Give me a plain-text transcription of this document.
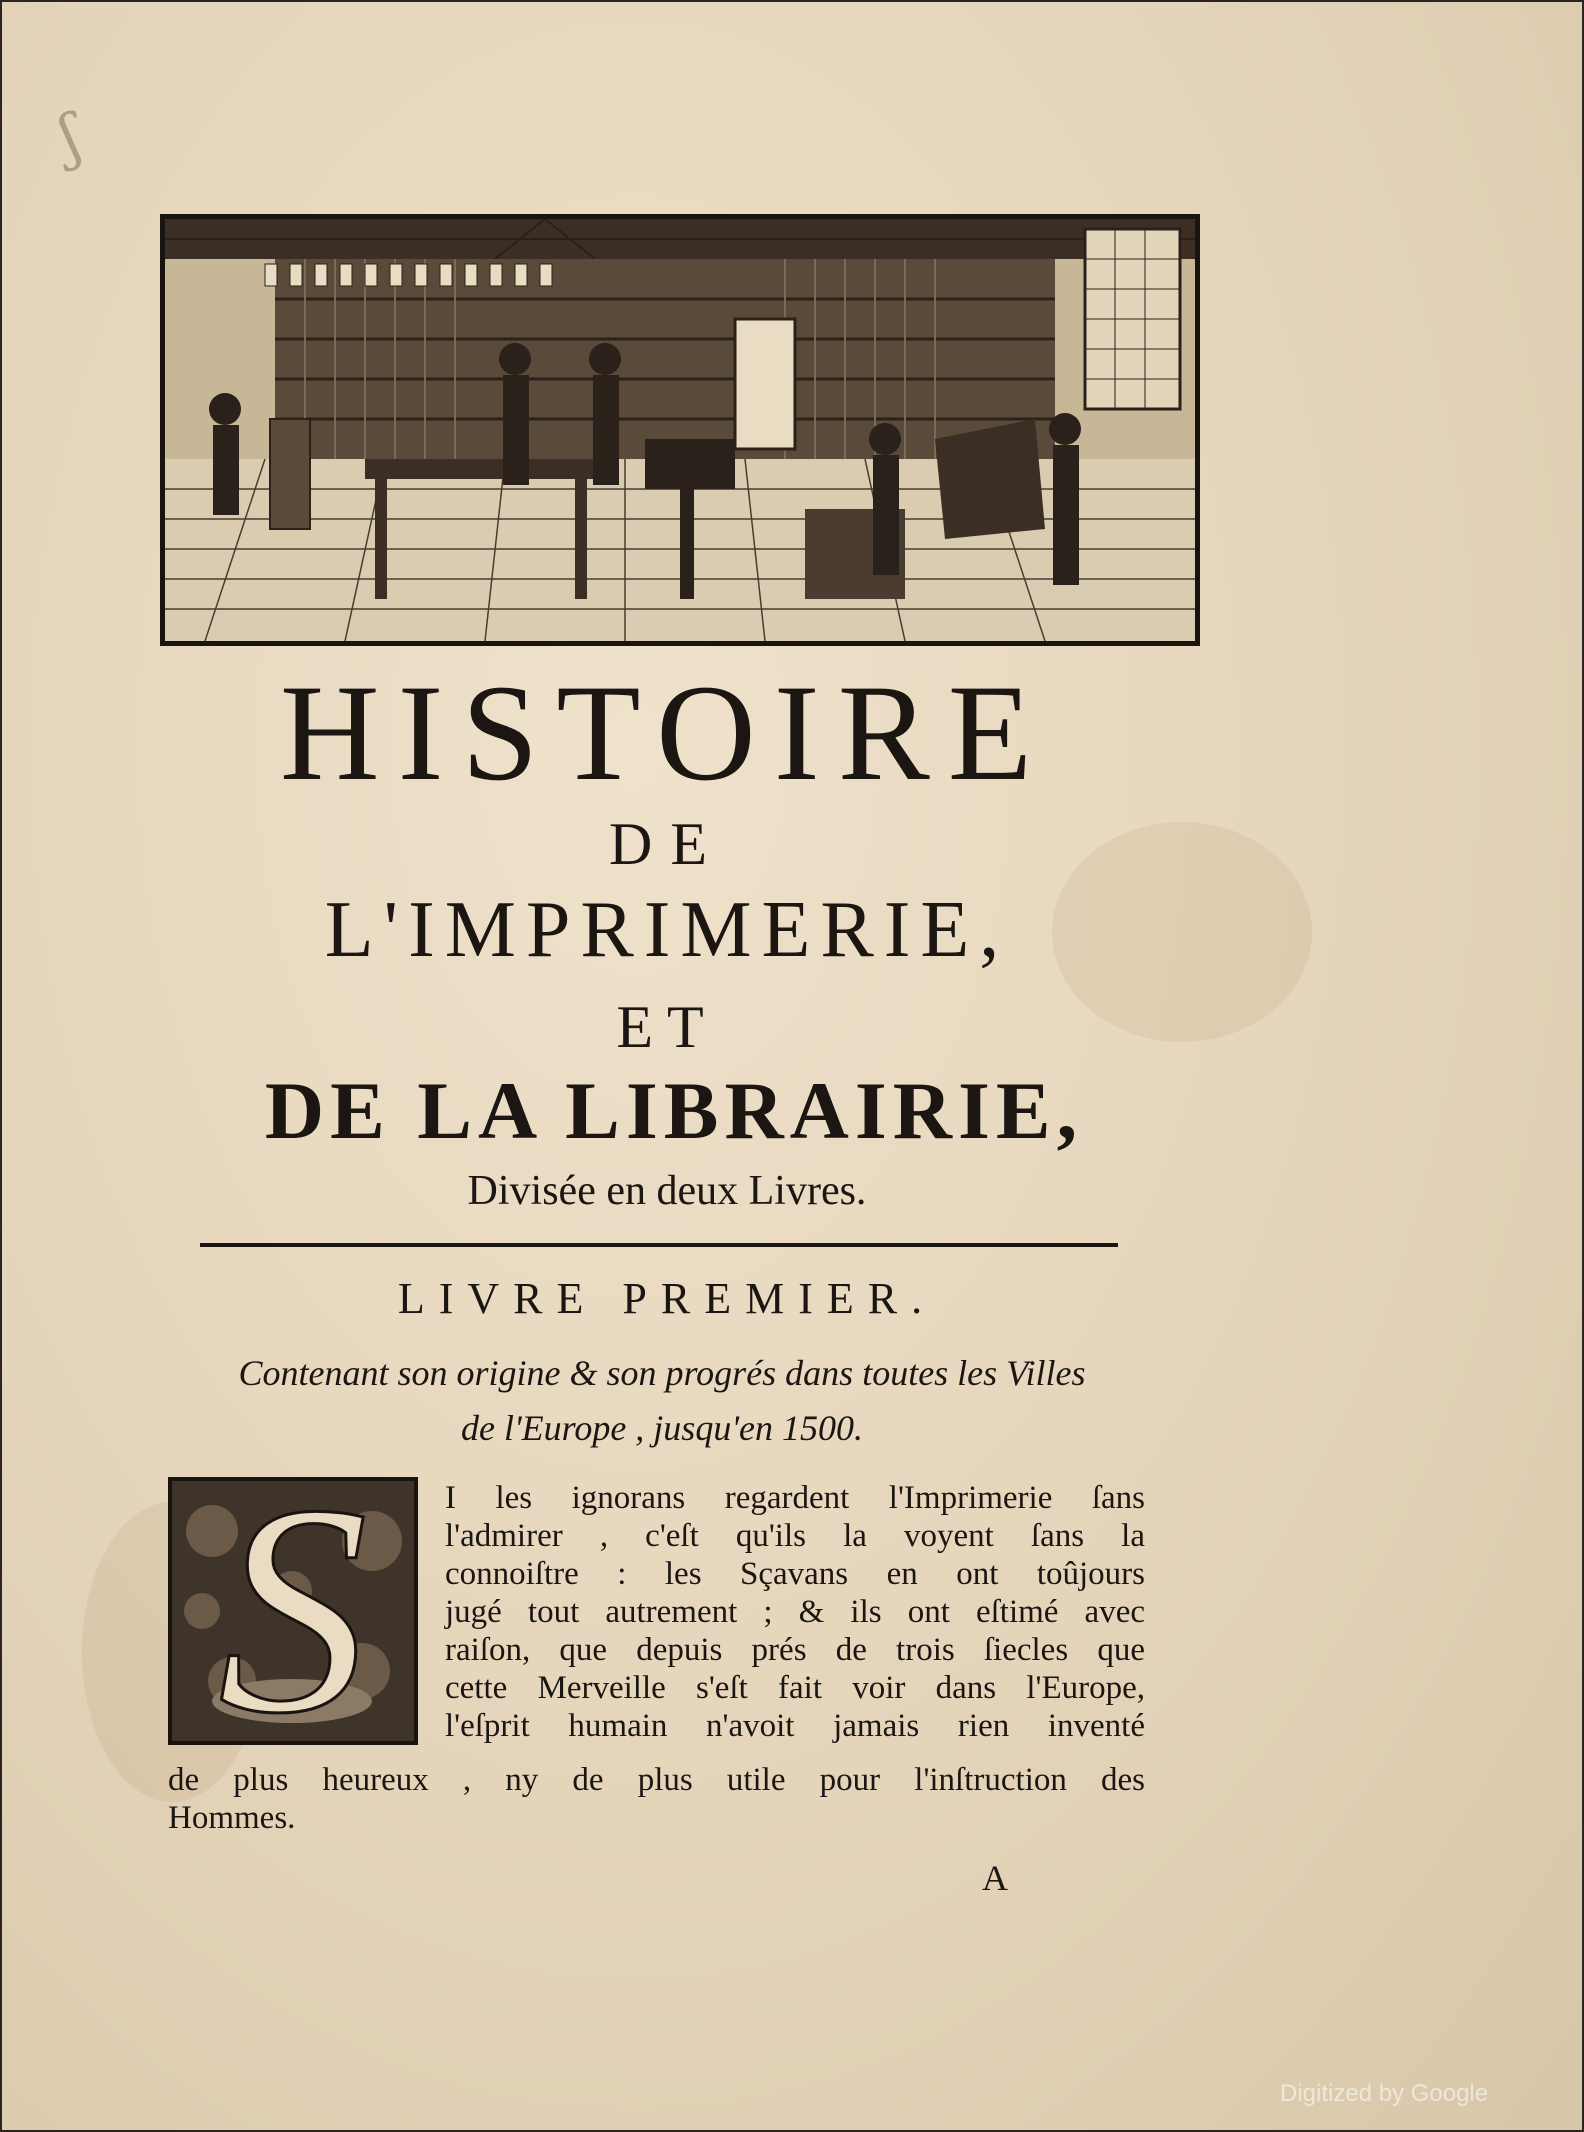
ʃ
HISTOIRE
DE
L'IMPRIMERIE,
ET
DE LA LIBRAIRIE,
Divisée en deux Livres.
LIVRE PREMIER.
Contenant son origine & son progrés dans toutes les Villes
de l'Europe , jusqu'en 1500.
S	I les ignorans regardent l'Imprimerie ſans
l'admirer , c'eſt qu'ils la voyent ſans la
connoiſtre : les Sçavans en ont toûjours
jugé tout autrement ; & ils ont eſtimé avec
raiſon, que depuis prés de trois ſiecles que
cette Merveille s'eſt fait voir dans l'Europe,
l'eſprit humain n'avoit jamais rien inventé
de plus heureux , ny de plus utile pour l'inſtruction des
Hommes.
A
Digitized by Google
